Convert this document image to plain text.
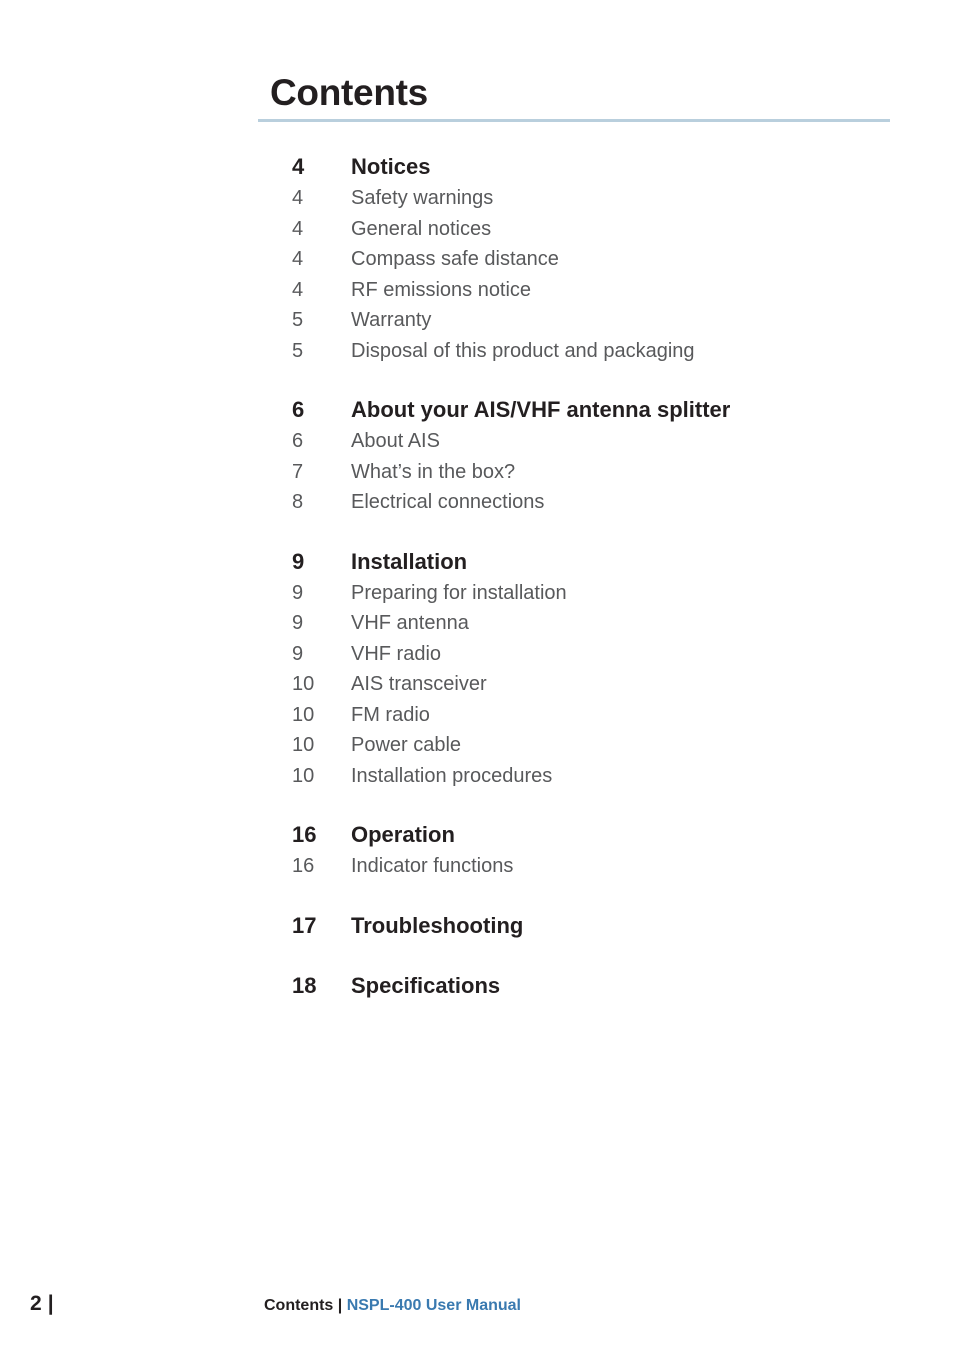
Contents
4	Notices
4	Safety warnings
4	General notices
4	Compass safe distance
4	RF emissions notice
5	Warranty
5	Disposal of this product and packaging
6	About your AIS/VHF antenna splitter
6	About AIS
7	What’s in the box?
8	Electrical connections
9	Installation
9	Preparing for installation
9	VHF antenna
9	VHF radio
10	AIS transceiver
10	FM radio
10	Power cable
10	Installation procedures
16	Operation
16	Indicator functions
17	Troubleshooting
18	Specifications
2 |	Contents | NSPL-400 User Manual
